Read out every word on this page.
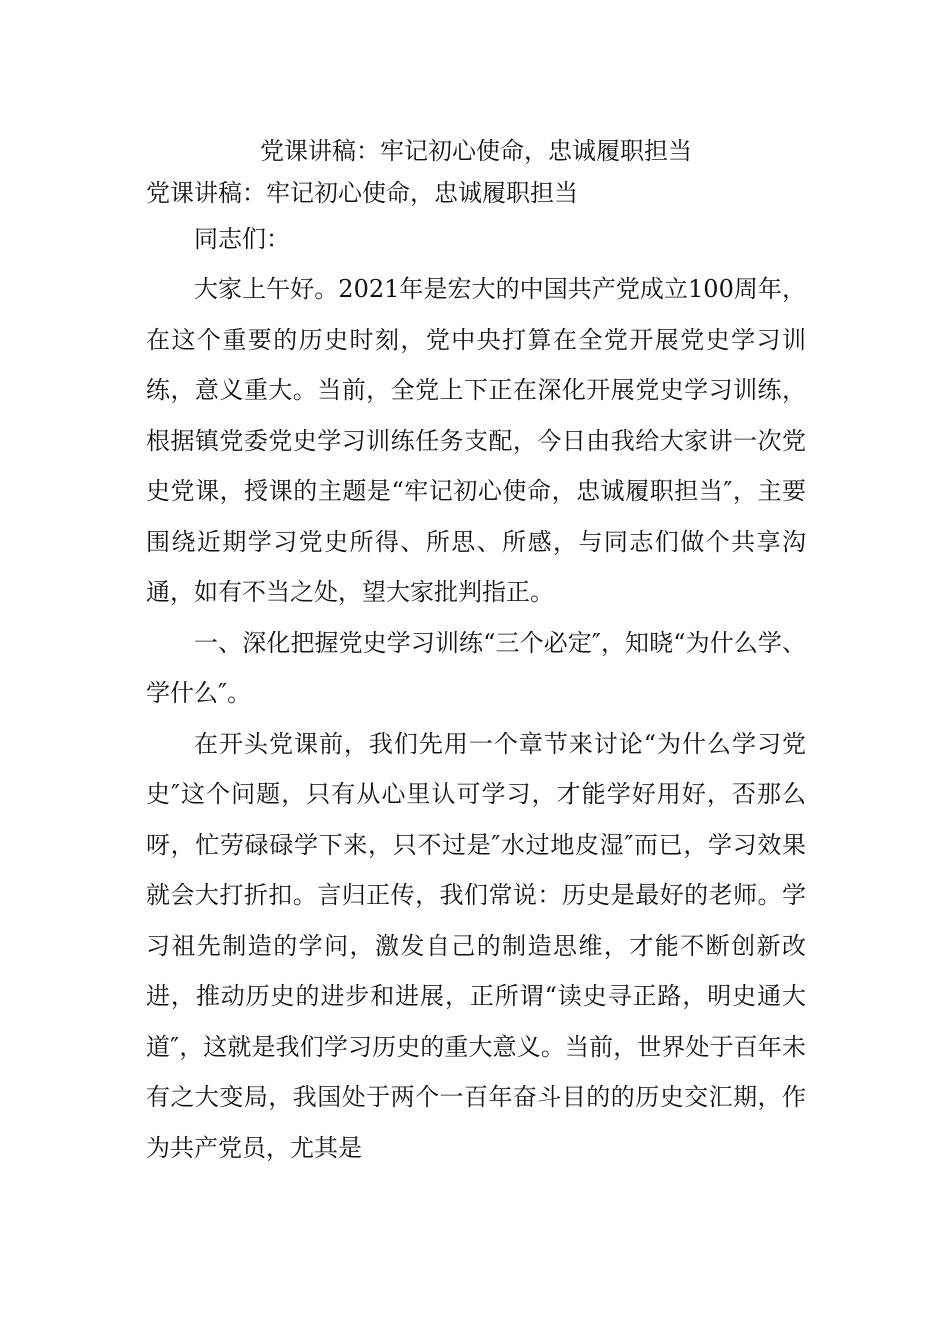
党课讲稿：牢记初心使命，忠诚履职担当

党课讲稿：牢记初心使命，忠诚履职担当

同志们：

大家上午好。2021年是宏大的中国共产党成立100周年，在这个重要的历史时刻，党中央打算在全党开展党史学习训练，意义重大。当前，全党上下正在深化开展党史学习训练，根据镇党委党史学习训练任务支配，今日由我给大家讲一次党史党课，授课的主题是“牢记初心使命，忠诚履职担当″，主要围绕近期学习党史所得、所思、所感，与同志们做个共享沟通，如有不当之处，望大家批判指正。

一、深化把握党史学习训练“三个必定″，知晓“为什么学、学什么″。

在开头党课前，我们先用一个章节来讨论“为什么学习党史″这个问题，只有从心里认可学习，才能学好用好，否那么呀，忙劳碌碌学下来，只不过是″水过地皮湿″而已，学习效果就会大打折扣。言归正传，我们常说：历史是最好的老师。学习祖先制造的学问，激发自己的制造思维，才能不断创新改进，推动历史的进步和进展，正所谓“读史寻正路，明史通大道″，这就是我们学习历史的重大意义。当前，世界处于百年未有之大变局，我国处于两个一百年奋斗目的的历史交汇期，作为共产党员，尤其是
